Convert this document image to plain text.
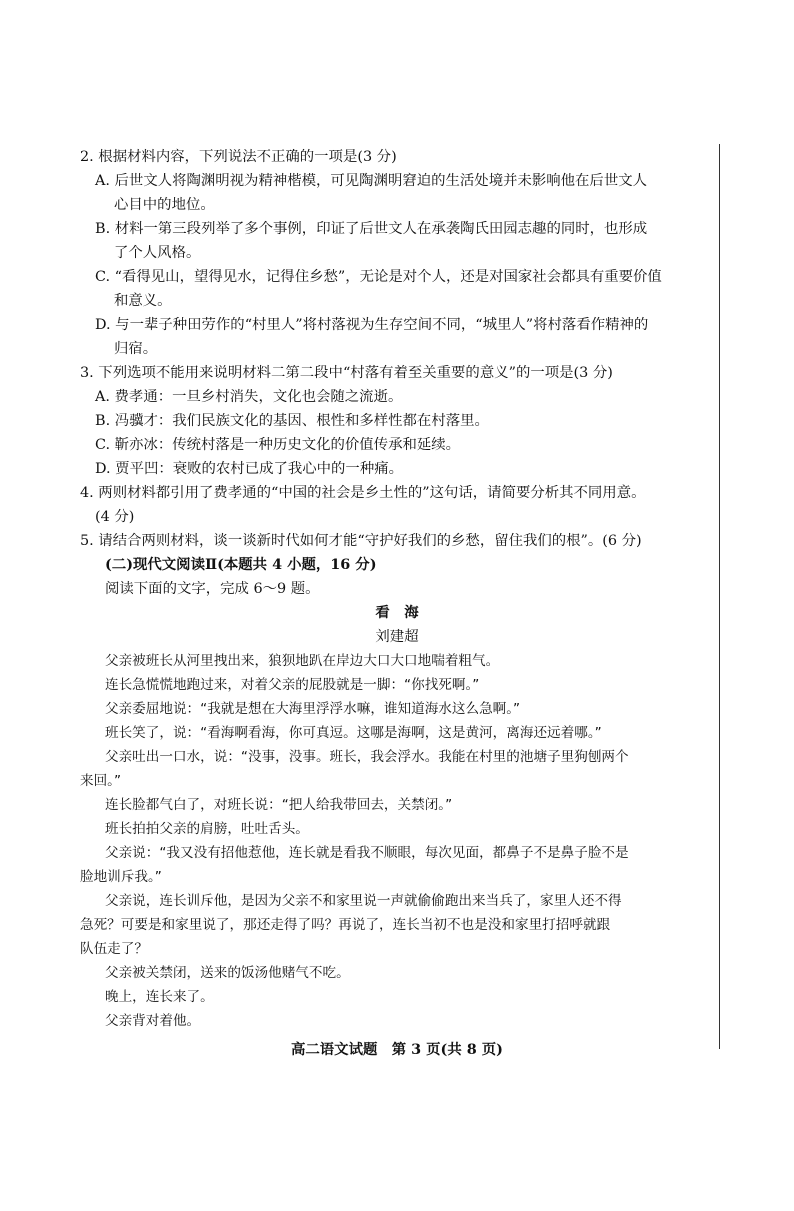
2. 根据材料内容，下列说法不正确的一项是(3 分)
A. 后世文人将陶渊明视为精神楷模，可见陶渊明窘迫的生活处境并未影响他在后世文人
心目中的地位。
B. 材料一第三段列举了多个事例，印证了后世文人在承袭陶氏田园志趣的同时，也形成
了个人风格。
C. “看得见山，望得见水，记得住乡愁”，无论是对个人，还是对国家社会都具有重要价值
和意义。
D. 与一辈子种田劳作的“村里人”将村落视为生存空间不同，“城里人”将村落看作精神的
归宿。
3. 下列选项不能用来说明材料二第二段中“村落有着至关重要的意义”的一项是(3 分)
A. 费孝通：一旦乡村消失，文化也会随之流逝。
B. 冯骥才：我们民族文化的基因、根性和多样性都在村落里。
C. 靳亦冰：传统村落是一种历史文化的价值传承和延续。
D. 贾平凹：衰败的农村已成了我心中的一种痛。
4. 两则材料都引用了费孝通的“中国的社会是乡土性的”这句话，请简要分析其不同用意。
(4 分)
5. 请结合两则材料，谈一谈新时代如何才能“守护好我们的乡愁，留住我们的根”。(6 分)
(二)现代文阅读Ⅱ(本题共 4 小题，16 分)
阅读下面的文字，完成 6～9 题。
看　海
刘建超
父亲被班长从河里拽出来，狼狈地趴在岸边大口大口地喘着粗气。
连长急慌慌地跑过来，对着父亲的屁股就是一脚：“你找死啊。”
父亲委屈地说：“我就是想在大海里浮浮水嘛，谁知道海水这么急啊。”
班长笑了，说：“看海啊看海，你可真逗。这哪是海啊，这是黄河，离海还远着哪。”
父亲吐出一口水，说：“没事，没事。班长，我会浮水。我能在村里的池塘子里狗刨两个
来回。”
连长脸都气白了，对班长说：“把人给我带回去，关禁闭。”
班长拍拍父亲的肩膀，吐吐舌头。
父亲说：“我又没有招他惹他，连长就是看我不顺眼，每次见面，都鼻子不是鼻子脸不是
脸地训斥我。”
父亲说，连长训斥他，是因为父亲不和家里说一声就偷偷跑出来当兵了，家里人还不得
急死？可要是和家里说了，那还走得了吗？再说了，连长当初不也是没和家里打招呼就跟
队伍走了？
父亲被关禁闭，送来的饭汤他赌气不吃。
晚上，连长来了。
父亲背对着他。
高二语文试题　第 3 页(共 8 页)
